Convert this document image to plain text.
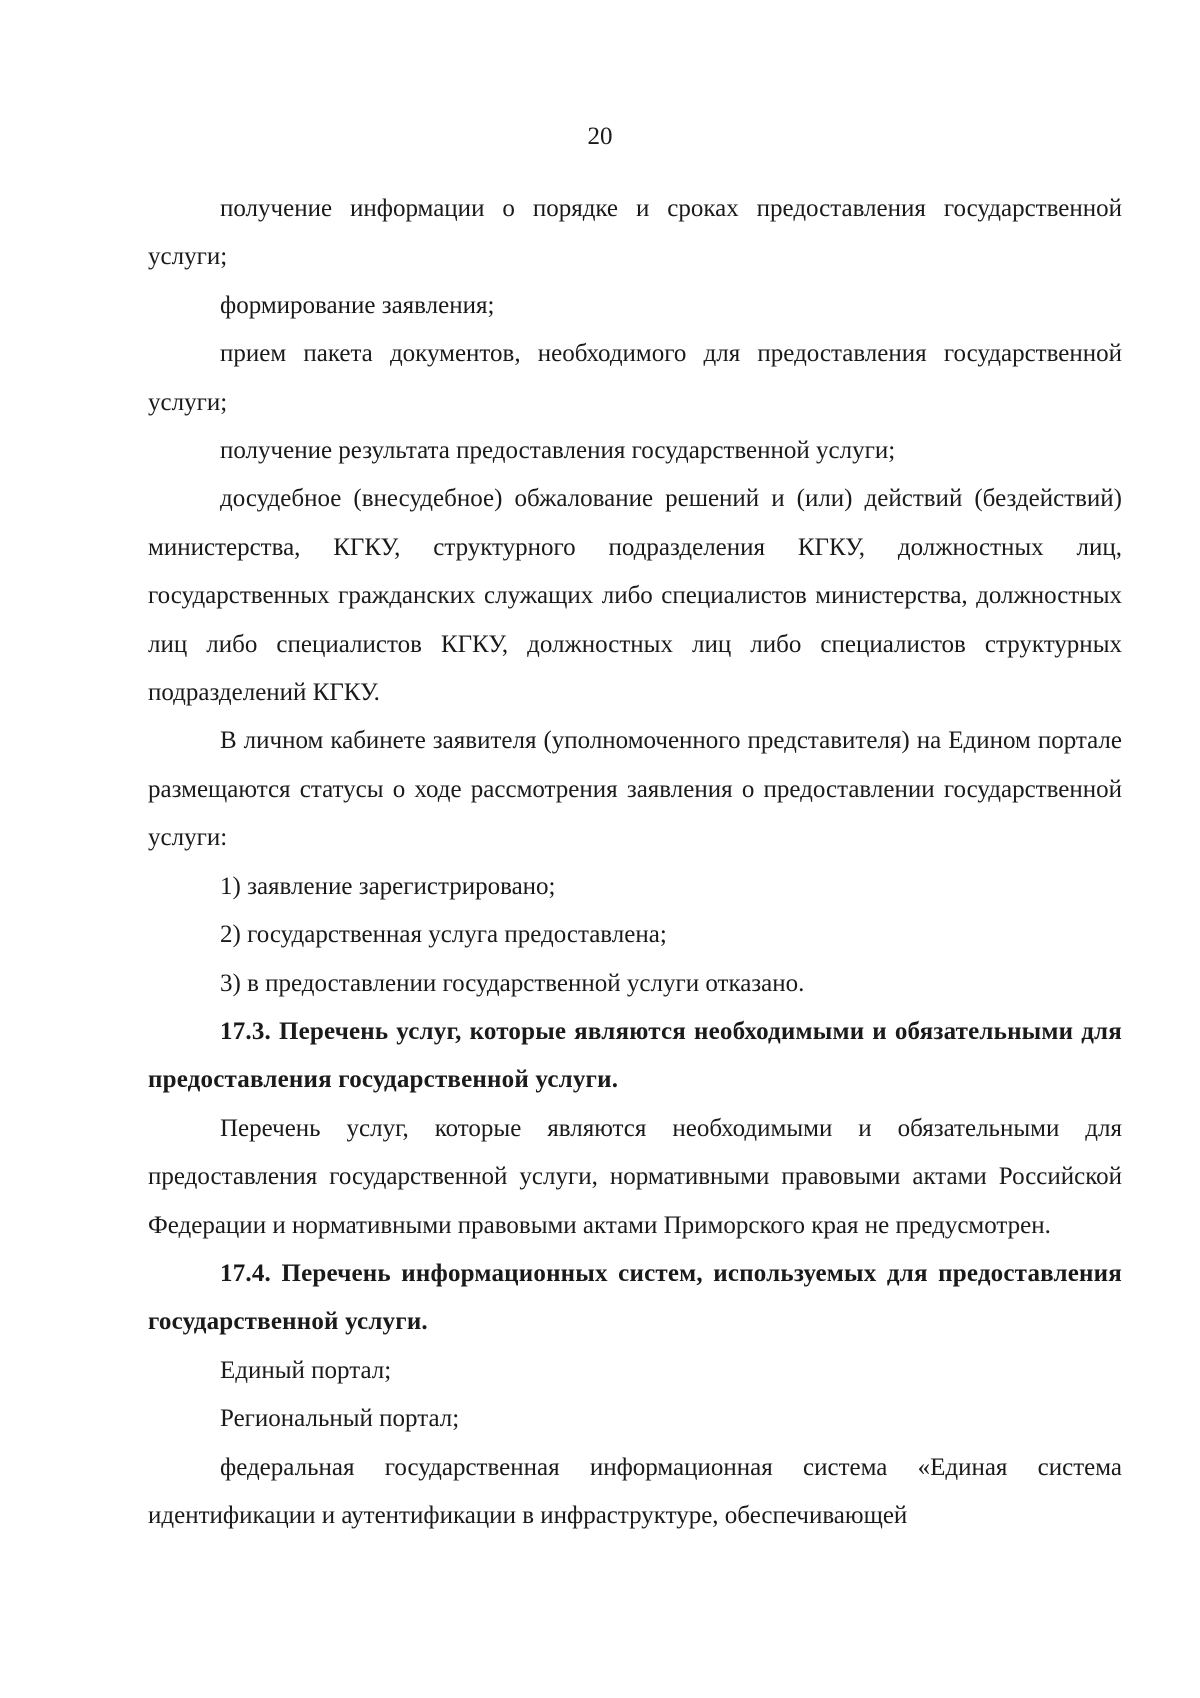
20

получение информации о порядке и сроках предоставления государственной услуги;

формирование заявления;

прием пакета документов, необходимого для предоставления государственной услуги;

получение результата предоставления государственной услуги;

досудебное (внесудебное) обжалование решений и (или) действий (бездействий) министерства, КГКУ, структурного подразделения КГКУ, должностных лиц, государственных гражданских служащих либо специалистов министерства, должностных лиц либо специалистов КГКУ, должностных лиц либо специалистов структурных подразделений КГКУ.

В личном кабинете заявителя (уполномоченного представителя) на Едином портале размещаются статусы о ходе рассмотрения заявления о предоставлении государственной услуги:

1) заявление зарегистрировано;

2) государственная услуга предоставлена;

3) в предоставлении государственной услуги отказано.

17.3. Перечень услуг, которые являются необходимыми и обязательными для предоставления государственной услуги.

Перечень услуг, которые являются необходимыми и обязательными для предоставления государственной услуги, нормативными правовыми актами Российской Федерации и нормативными правовыми актами Приморского края не предусмотрен.

17.4. Перечень информационных систем, используемых для предоставления государственной услуги.

Единый портал;

Региональный портал;

федеральная государственная информационная система «Единая система идентификации и аутентификации в инфраструктуре, обеспечивающей
